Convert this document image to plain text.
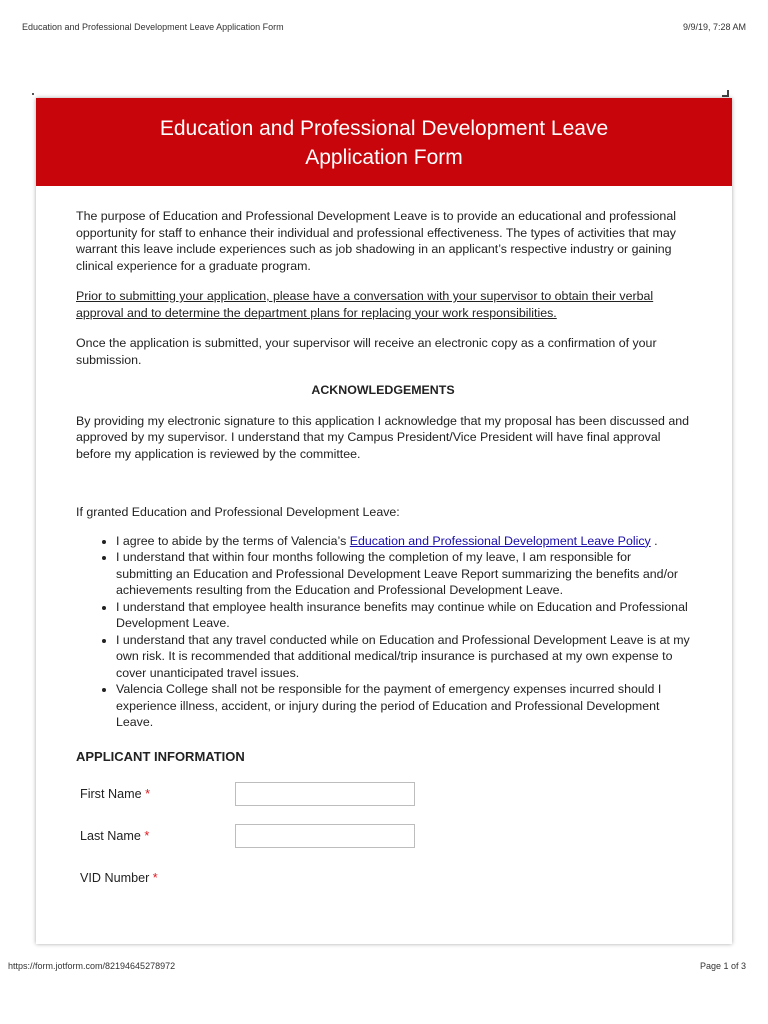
Education and Professional Development Leave Application Form	9/9/19, 7:28 AM
Education and Professional Development Leave
Application Form

The purpose of Education and Professional Development Leave is to provide an educational and professional opportunity for staff to enhance their individual and professional effectiveness. The types of activities that may warrant this leave include experiences such as job shadowing in an applicant’s respective industry or gaining clinical experience for a graduate program.

Prior to submitting your application, please have a conversation with your supervisor to obtain their verbal approval and to determine the department plans for replacing your work responsibilities.

Once the application is submitted, your supervisor will receive an electronic copy as a confirmation of your submission.

ACKNOWLEDGEMENTS

By providing my electronic signature to this application I acknowledge that my proposal has been discussed and approved by my supervisor. I understand that my Campus President/Vice President will have final approval before my application is reviewed by the committee.

If granted Education and Professional Development Leave:

• I agree to abide by the terms of Valencia’s Education and Professional Development Leave Policy .
• I understand that within four months following the completion of my leave, I am responsible for submitting an Education and Professional Development Leave Report summarizing the benefits and/or achievements resulting from the Education and Professional Development Leave.
• I understand that employee health insurance benefits may continue while on Education and Professional Development Leave.
• I understand that any travel conducted while on Education and Professional Development Leave is at my own risk. It is recommended that additional medical/trip insurance is purchased at my own expense to cover unanticipated travel issues.
• Valencia College shall not be responsible for the payment of emergency expenses incurred should I experience illness, accident, or injury during the period of Education and Professional Development Leave.
APPLICANT INFORMATION
First Name *
Last Name *
VID Number *
https://form.jotform.com/82194645278972	Page 1 of 3
